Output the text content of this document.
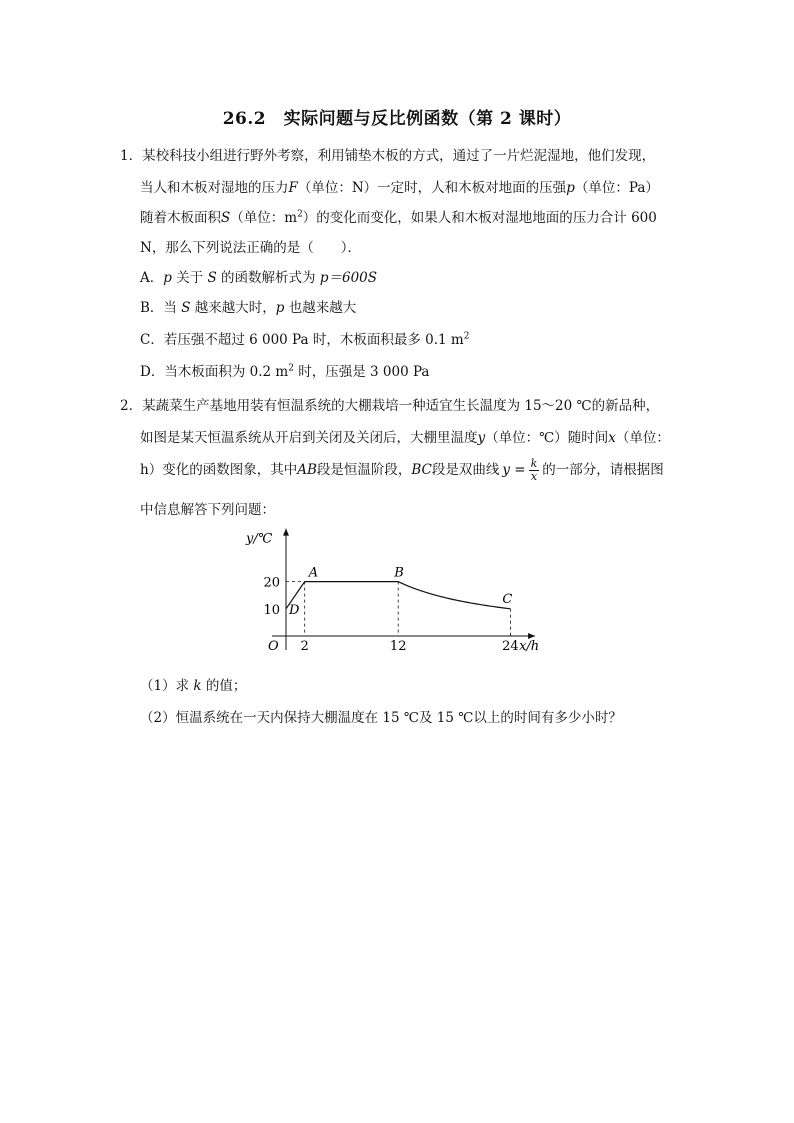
26.2　实际问题与反比例函数（第 2 课时）
1．某校科技小组进行野外考察，利用铺垫木板的方式，通过了一片烂泥湿地，他们发现，
当人和木板对湿地的压力F（单位：N）一定时，人和木板对地面的压强p（单位：Pa）
随着木板面积S（单位：$m^2$）的变化而变化，如果人和木板对湿地地面的压力合计 600
N，那么下列说法正确的是（　　）．
A．p 关于 S 的函数解析式为 p＝600S
B．当 S 越来越大时，p 也越来越大
C．若压强不超过 6 000 Pa 时，木板面积最多 0.1 $m^2$
D．当木板面积为 0.2 $m^2$ 时，压强是 3 000 Pa
2．某蔬菜生产基地用装有恒温系统的大棚栽培一种适宜生长温度为 15～20 ℃的新品种，
如图是某天恒温系统从开启到关闭及关闭后，大棚里温度y（单位：℃）随时间x（单位：
h）变化的函数图象，其中AB段是恒温阶段，BC段是双曲线 $y = \frac{k}{x}$ 的一部分，请根据图
中信息解答下列问题：
x/h
y/℃
O
10
20
2	12	24
A	B
C
D
（1）求 k 的值；
（2）恒温系统在一天内保持大棚温度在 15 ℃及 15 ℃以上的时间有多少小时？
